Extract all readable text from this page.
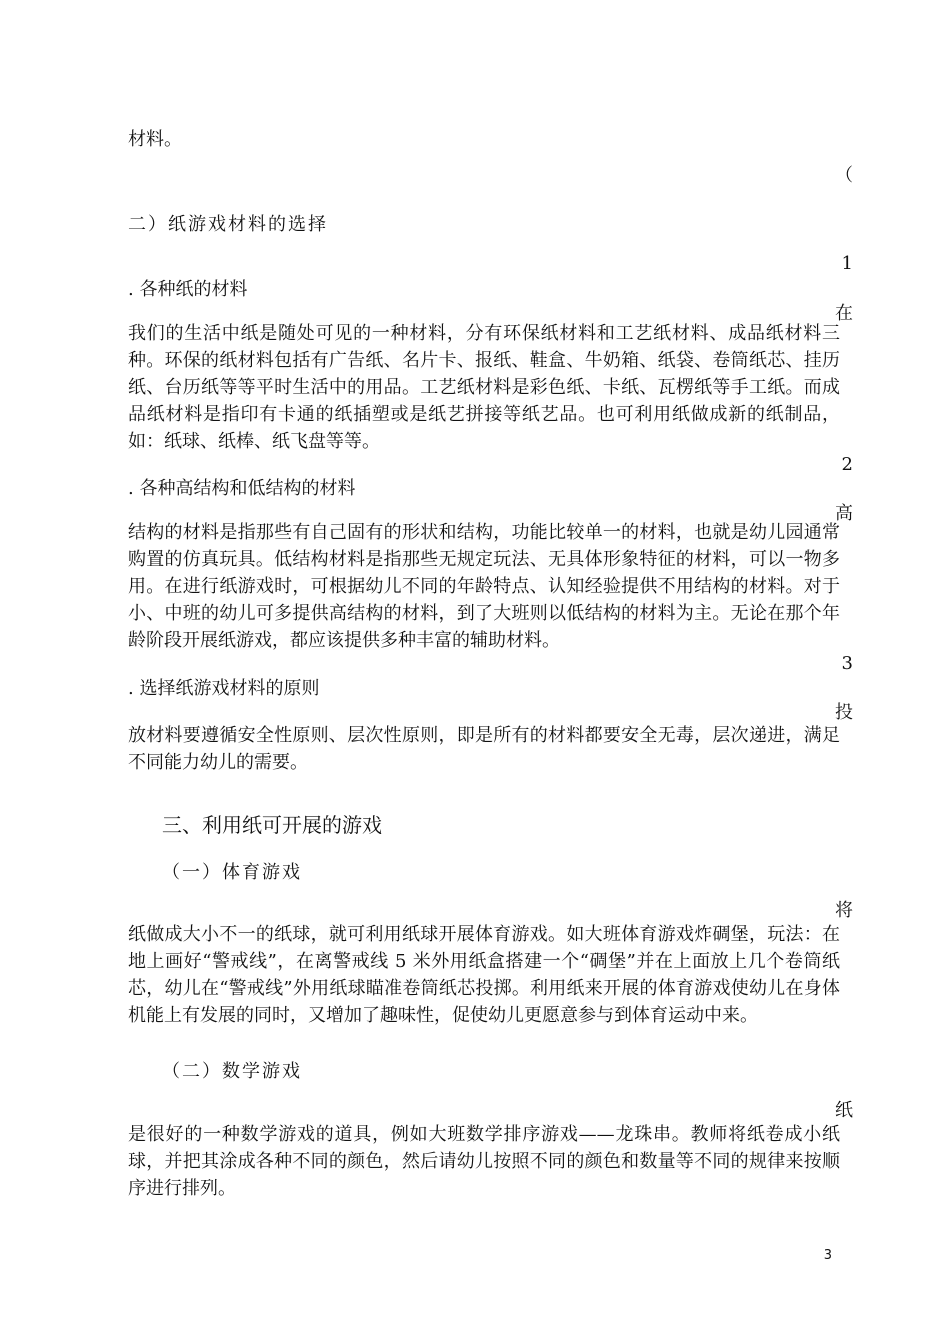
材料。

（

二）纸游戏材料的选择

1

. 各种纸的材料

在

我们的生活中纸是随处可见的一种材料，分有环保纸材料和工艺纸材料、成品纸材料三种。环保的纸材料包括有广告纸、名片卡、报纸、鞋盒、牛奶箱、纸袋、卷筒纸芯、挂历纸、台历纸等等平时生活中的用品。工艺纸材料是彩色纸、卡纸、瓦楞纸等手工纸。而成品纸材料是指印有卡通的纸插塑或是纸艺拼接等纸艺品。也可利用纸做成新的纸制品，如：纸球、纸棒、纸飞盘等等。

2

. 各种高结构和低结构的材料

高

结构的材料是指那些有自己固有的形状和结构，功能比较单一的材料，也就是幼儿园通常购置的仿真玩具。低结构材料是指那些无规定玩法、无具体形象特征的材料，可以一物多用。在进行纸游戏时，可根据幼儿不同的年龄特点、认知经验提供不用结构的材料。对于小、中班的幼儿可多提供高结构的材料，到了大班则以低结构的材料为主。无论在那个年龄阶段开展纸游戏，都应该提供多种丰富的辅助材料。

3

. 选择纸游戏材料的原则

投

放材料要遵循安全性原则、层次性原则，即是所有的材料都要安全无毒，层次递进，满足不同能力幼儿的需要。

三、利用纸可开展的游戏

（一）体育游戏

将

纸做成大小不一的纸球，就可利用纸球开展体育游戏。如大班体育游戏炸碉堡，玩法：在地上画好“警戒线”，在离警戒线 5 米外用纸盒搭建一个“碉堡”并在上面放上几个卷筒纸芯，幼儿在“警戒线”外用纸球瞄准卷筒纸芯投掷。利用纸来开展的体育游戏使幼儿在身体机能上有发展的同时，又增加了趣味性，促使幼儿更愿意参与到体育运动中来。

（二）数学游戏

纸

是很好的一种数学游戏的道具，例如大班数学排序游戏——龙珠串。教师将纸卷成小纸球，并把其涂成各种不同的颜色，然后请幼儿按照不同的颜色和数量等不同的规律来按顺序进行排列。

3
